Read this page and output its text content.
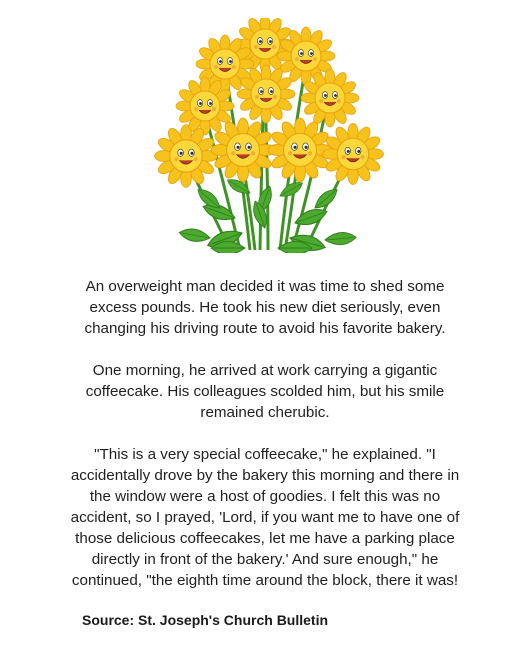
An overweight man decided it was time to shed some excess pounds. He took his new diet seriously, even changing his driving route to avoid his favorite bakery.

One morning, he arrived at work carrying a gigantic coffeecake. His colleagues scolded him, but his smile remained cherubic.

"This is a very special coffeecake," he explained. "I accidentally drove by the bakery this morning and there in the window were a host of goodies. I felt this was no accident, so I prayed, 'Lord, if you want me to have one of those delicious coffeecakes, let me have a parking place directly in front of the bakery.' And sure enough," he continued, "the eighth time around the block, there it was!

Source: St. Joseph's Church Bulletin
